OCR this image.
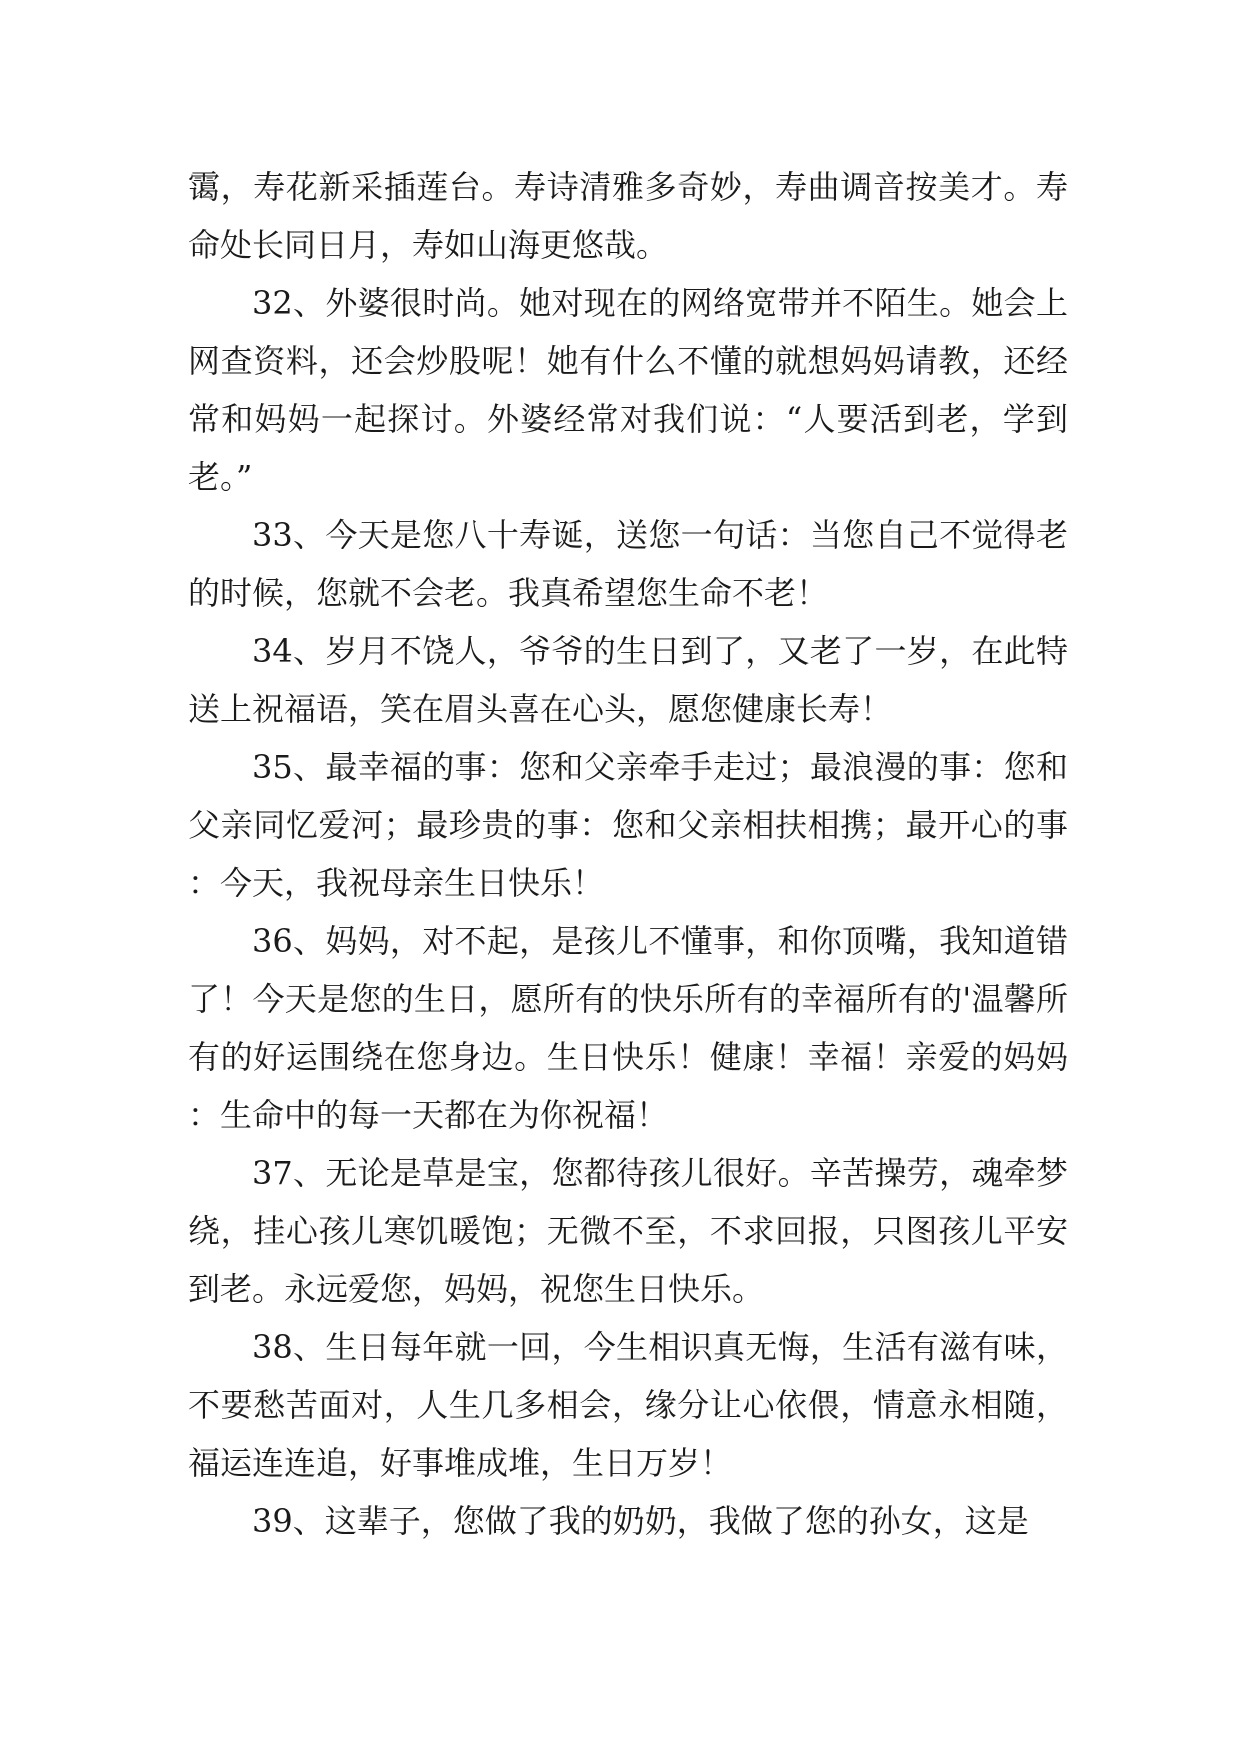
霭，寿花新采插莲台。寿诗清雅多奇妙，寿曲调音按美才。寿命处长同日月，寿如山海更悠哉。

32、外婆很时尚。她对现在的网络宽带并不陌生。她会上网查资料，还会炒股呢！她有什么不懂的就想妈妈请教，还经常和妈妈一起探讨。外婆经常对我们说：“人要活到老，学到老。”

33、今天是您八十寿诞，送您一句话：当您自己不觉得老的时候，您就不会老。我真希望您生命不老！

34、岁月不饶人，爷爷的生日到了，又老了一岁，在此特送上祝福语，笑在眉头喜在心头，愿您健康长寿！

35、最幸福的事：您和父亲牵手走过；最浪漫的事：您和父亲同忆爱河；最珍贵的事：您和父亲相扶相携；最开心的事：今天，我祝母亲生日快乐！

36、妈妈，对不起，是孩儿不懂事，和你顶嘴，我知道错了！今天是您的生日，愿所有的快乐所有的幸福所有的'温馨所有的好运围绕在您身边。生日快乐！健康！幸福！亲爱的妈妈：生命中的每一天都在为你祝福！

37、无论是草是宝，您都待孩儿很好。辛苦操劳，魂牵梦绕，挂心孩儿寒饥暖饱；无微不至，不求回报，只图孩儿平安到老。永远爱您，妈妈，祝您生日快乐。

38、生日每年就一回，今生相识真无悔，生活有滋有味，不要愁苦面对，人生几多相会，缘分让心依偎，情意永相随，福运连连追，好事堆成堆，生日万岁！

39、这辈子，您做了我的奶奶，我做了您的孙女，这是
